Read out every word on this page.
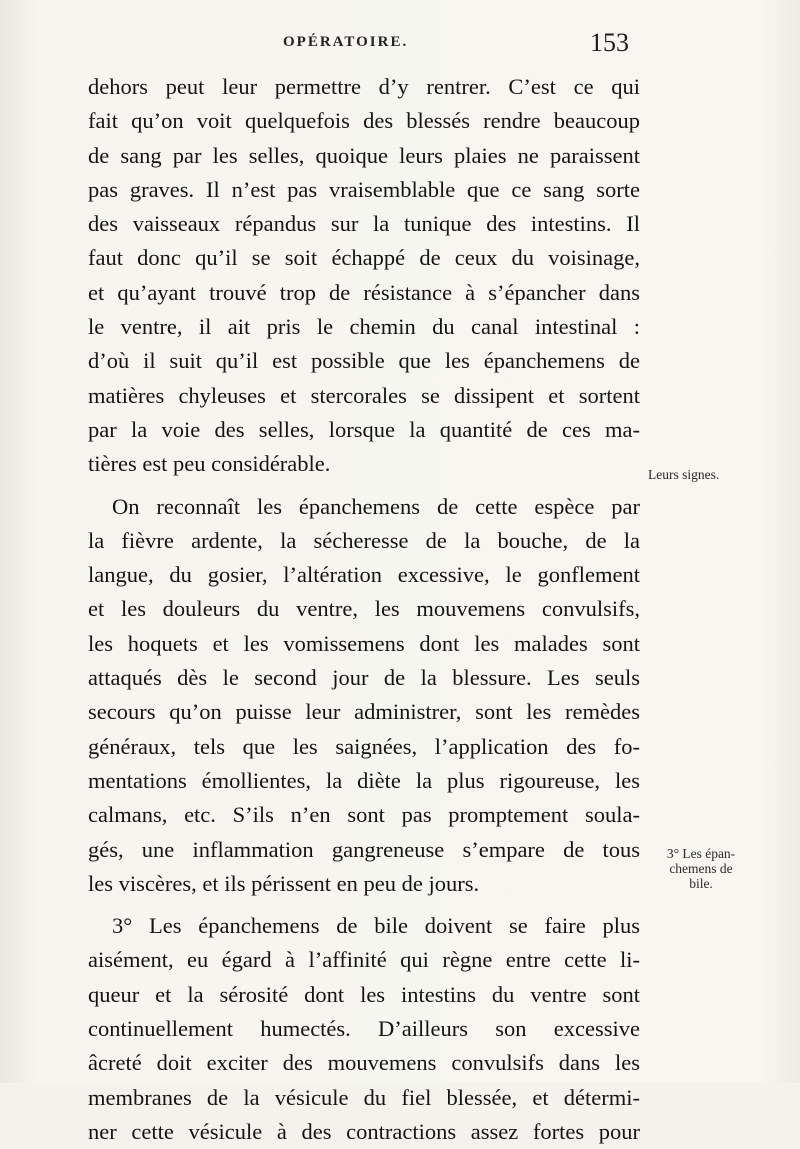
OPÉRATOIRE.	153
dehors peut leur permettre d’y rentrer. C’est ce qui
fait qu’on voit quelquefois des blessés rendre beaucoup
de sang par les selles, quoique leurs plaies ne paraissent
pas graves. Il n’est pas vraisemblable que ce sang sorte
des vaisseaux répandus sur la tunique des intestins. Il
faut donc qu’il se soit échappé de ceux du voisinage,
et qu’ayant trouvé trop de résistance à s’épancher dans
le ventre, il ait pris le chemin du canal intestinal :
d’où il suit qu’il est possible que les épanchemens de
matières chyleuses et stercorales se dissipent et sortent
par la voie des selles, lorsque la quantité de ces ma-
tières est peu considérable.
On reconnaît les épanchemens de cette espèce par
la fièvre ardente, la sécheresse de la bouche, de la
langue, du gosier, l’altération excessive, le gonflement
et les douleurs du ventre, les mouvemens convulsifs,
les hoquets et les vomissemens dont les malades sont
attaqués dès le second jour de la blessure. Les seuls
secours qu’on puisse leur administrer, sont les remèdes
généraux, tels que les saignées, l’application des fo-
mentations émollientes, la diète la plus rigoureuse, les
calmans, etc. S’ils n’en sont pas promptement soula-
gés, une inflammation gangreneuse s’empare de tous
les viscères, et ils périssent en peu de jours.
3° Les épanchemens de bile doivent se faire plus
aisément, eu égard à l’affinité qui règne entre cette li-
queur et la sérosité dont les intestins du ventre sont
continuellement humectés. D’ailleurs son excessive
âcreté doit exciter des mouvemens convulsifs dans les
membranes de la vésicule du fiel blessée, et détermi-
ner cette vésicule à des contractions assez fortes pour
Leurs signes.
3° Les épan-
chemens de
bile.
